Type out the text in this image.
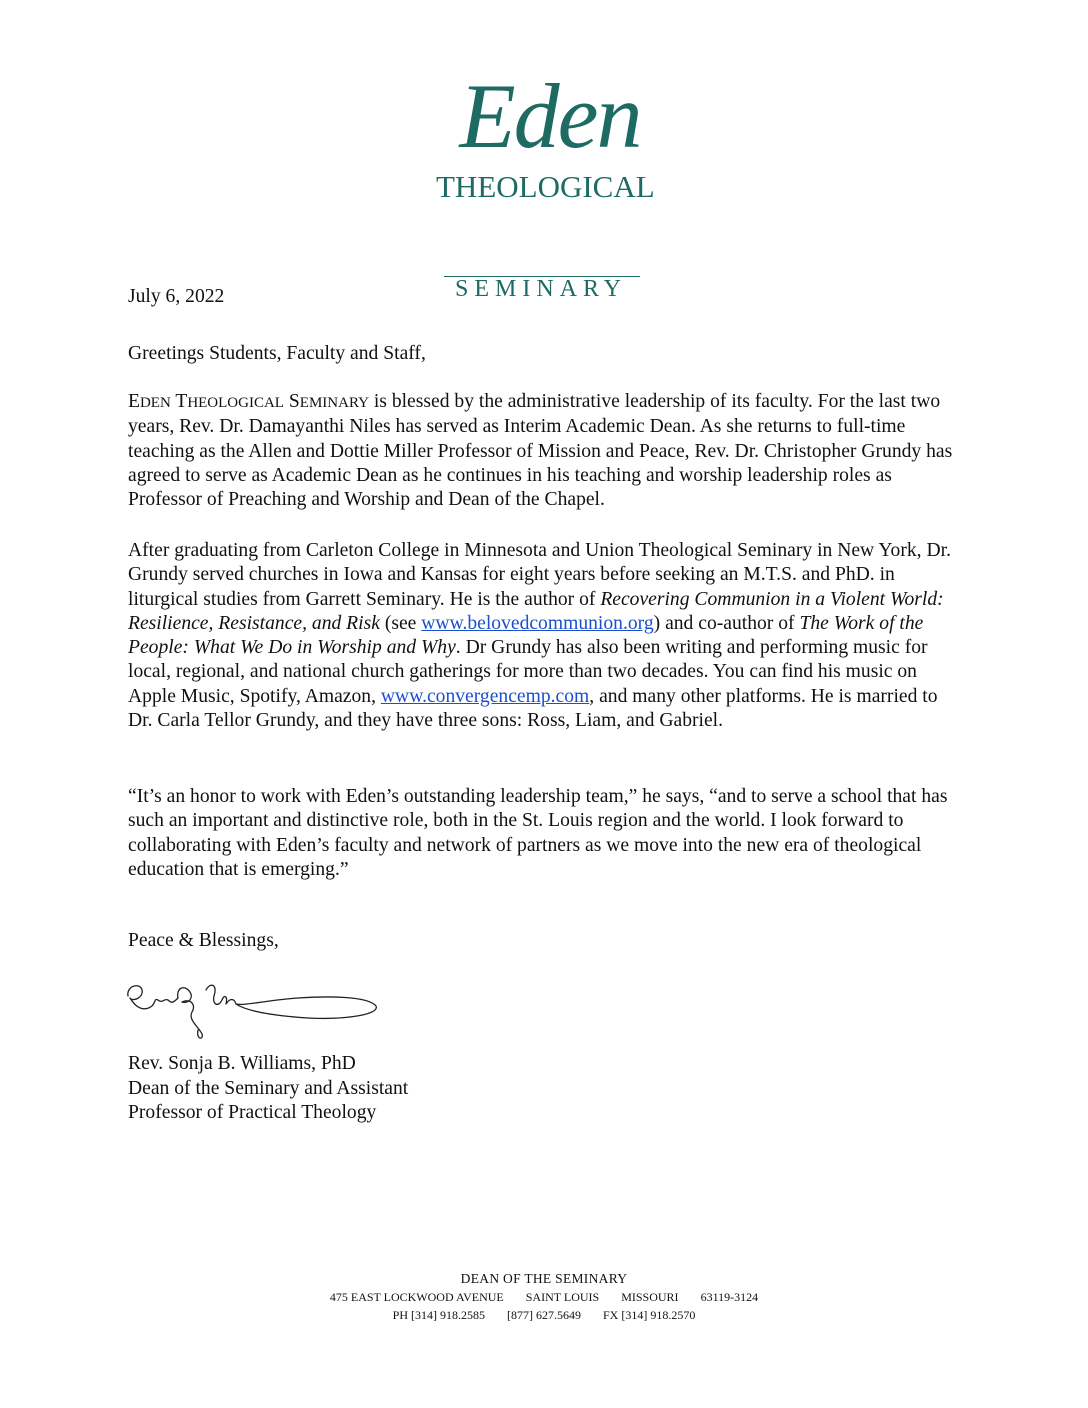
Eden
THEOLOGICAL
SEMINARY
July 6, 2022
Greetings Students, Faculty and Staff,

EDEN THEOLOGICAL SEMINARY is blessed by the administrative leadership of its faculty. For the last two years, Rev. Dr. Damayanthi Niles has served as Interim Academic Dean. As she returns to full-time teaching as the Allen and Dottie Miller Professor of Mission and Peace, Rev. Dr. Christopher Grundy has agreed to serve as Academic Dean as he continues in his teaching and worship leadership roles as Professor of Preaching and Worship and Dean of the Chapel.

After graduating from Carleton College in Minnesota and Union Theological Seminary in New York, Dr. Grundy served churches in Iowa and Kansas for eight years before seeking an M.T.S. and PhD. in liturgical studies from Garrett Seminary. He is the author of Recovering Communion in a Violent World: Resilience, Resistance, and Risk (see www.belovedcommunion.org) and co-author of The Work of the People: What We Do in Worship and Why. Dr Grundy has also been writing and performing music for local, regional, and national church gatherings for more than two decades. You can find his music on Apple Music, Spotify, Amazon, www.convergencemp.com, and many other platforms. He is married to Dr. Carla Tellor Grundy, and they have three sons: Ross, Liam, and Gabriel.

“It’s an honor to work with Eden’s outstanding leadership team,” he says, “and to serve a school that has such an important and distinctive role, both in the St. Louis region and the world. I look forward to collaborating with Eden’s faculty and network of partners as we move into the new era of theological education that is emerging.”

Peace & Blessings,
Rev. Sonja B. Williams, PhD
Dean of the Seminary and Assistant
Professor of Practical Theology
DEAN OF THE SEMINARY
475 EAST LOCKWOOD AVENUE SAINT LOUIS MISSOURI 63119-3124
PH [314] 918.2585 [877] 627.5649 FX [314] 918.2570
